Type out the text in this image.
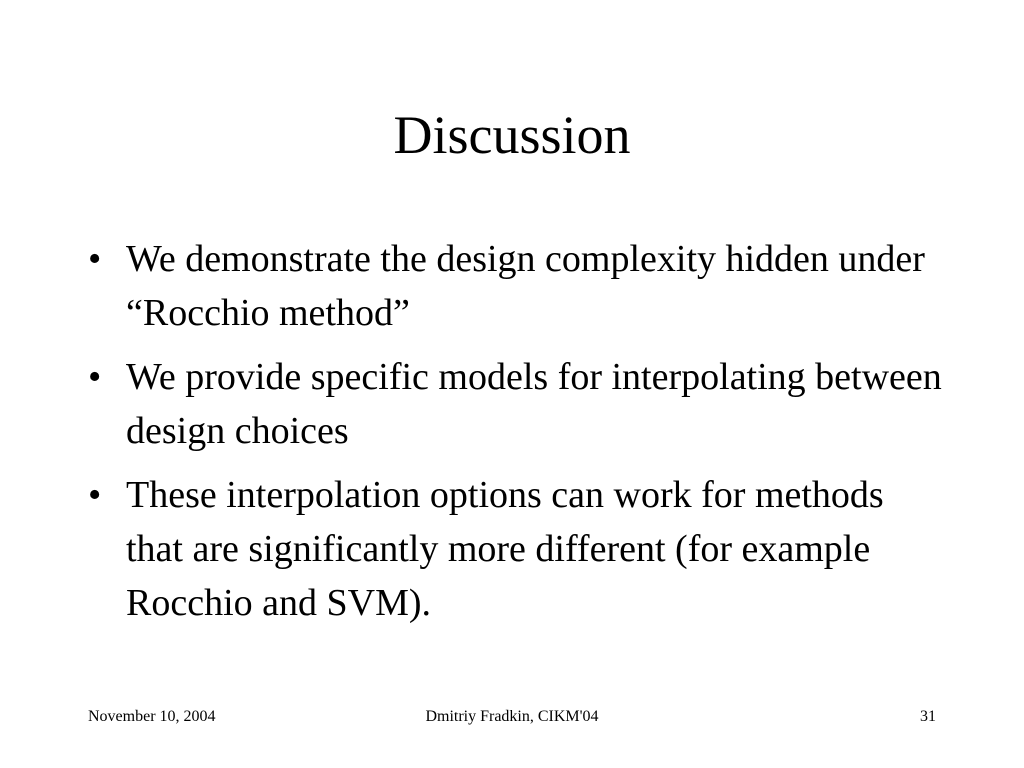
Discussion
• We demonstrate the design complexity hidden under “Rocchio method”
• We provide specific models for interpolating between design choices
• These interpolation options can work for methods that are significantly more different (for example Rocchio and SVM).
November 10, 2004	Dmitriy Fradkin, CIKM'04	31
